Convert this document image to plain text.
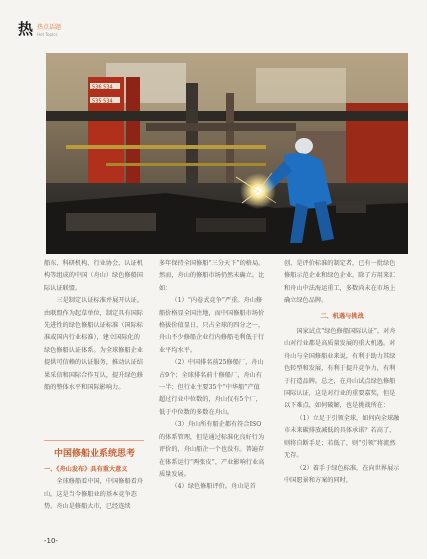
热 热点话题
Hot Topics
536 534
535 534

船东、科研机构、行业协会、认证机构等组成的中国（舟山）绿色修船国际认证联盟。

三是制定认证标准并展开认证。由联盟作为起草单位，制定具有国际先进性的绿色修船认证标准（国际标准或国内行业标准），建立国际化的绿色修船认证体系。为全球修船企业提供可信赖的认证服务，推动认证结果采信和国际合作互认，提升绿色修船的整体水平和国际影响力。

中国修船业系统思考

一、《舟山发布》具有重大意义

全球修船看中国，中国修船看舟山。这是当今修船业的基本竞争态势。舟山是修船大市，已经连续

多年保持全国修船“三分天下”的格局。然而，舟山的修船市场仍然未确立。比如：

（1）“内卷式竞争”严重。舟山修船价格显全国注地，而中国修船市场价格拔价值显日，只占全球的四分之一，舟山不少修船企业行内修船毛利低于行业平均水平。

（2）中国排名前25修船厂，舟山占9个；全球排名前十修船厂，舟山有一半；但行业主要35个“中华船”产值超过行业中位数的，舟山仅有5个厂，低于中位数的多数在舟山。

（3）舟山所有船企都有符合ISO的体系管理，但是通过标准化良好行为评价的，舟山船企一个也没有。普遍存在体系运行“两张皮”，产业影响行业高质量发展。

（4）绿色修船评价。舟山是首

创、是评价标准的制定者，已有一批绿色修船示范企业和绿色企业，除了方用来汇和舟山中法海运重工，多数尚未在市场上确立绿色品牌。

二、机遇与挑战

国家试点“绿色修船国际认证”，对舟山对行业都是高质量发展的重大机遇。对舟山与全国修船业来说，有利于助力其绿色转型和发展，有利于提升竞争力，有利于打造品牌。总之，在舟山试点绿色修船国际认证，这是对行业的重要嘉奖，但是以下难点，如何破解，也是挑战所在：

（1）立足于引领全球，如何向全球融市未来碳排放减低的具体承诺？若高了，则将自断手足；若低了，则“引领”将流然无存。

（2）着手于绿色标准，在向世界展示中国愿景和方案的同时，

-10-
